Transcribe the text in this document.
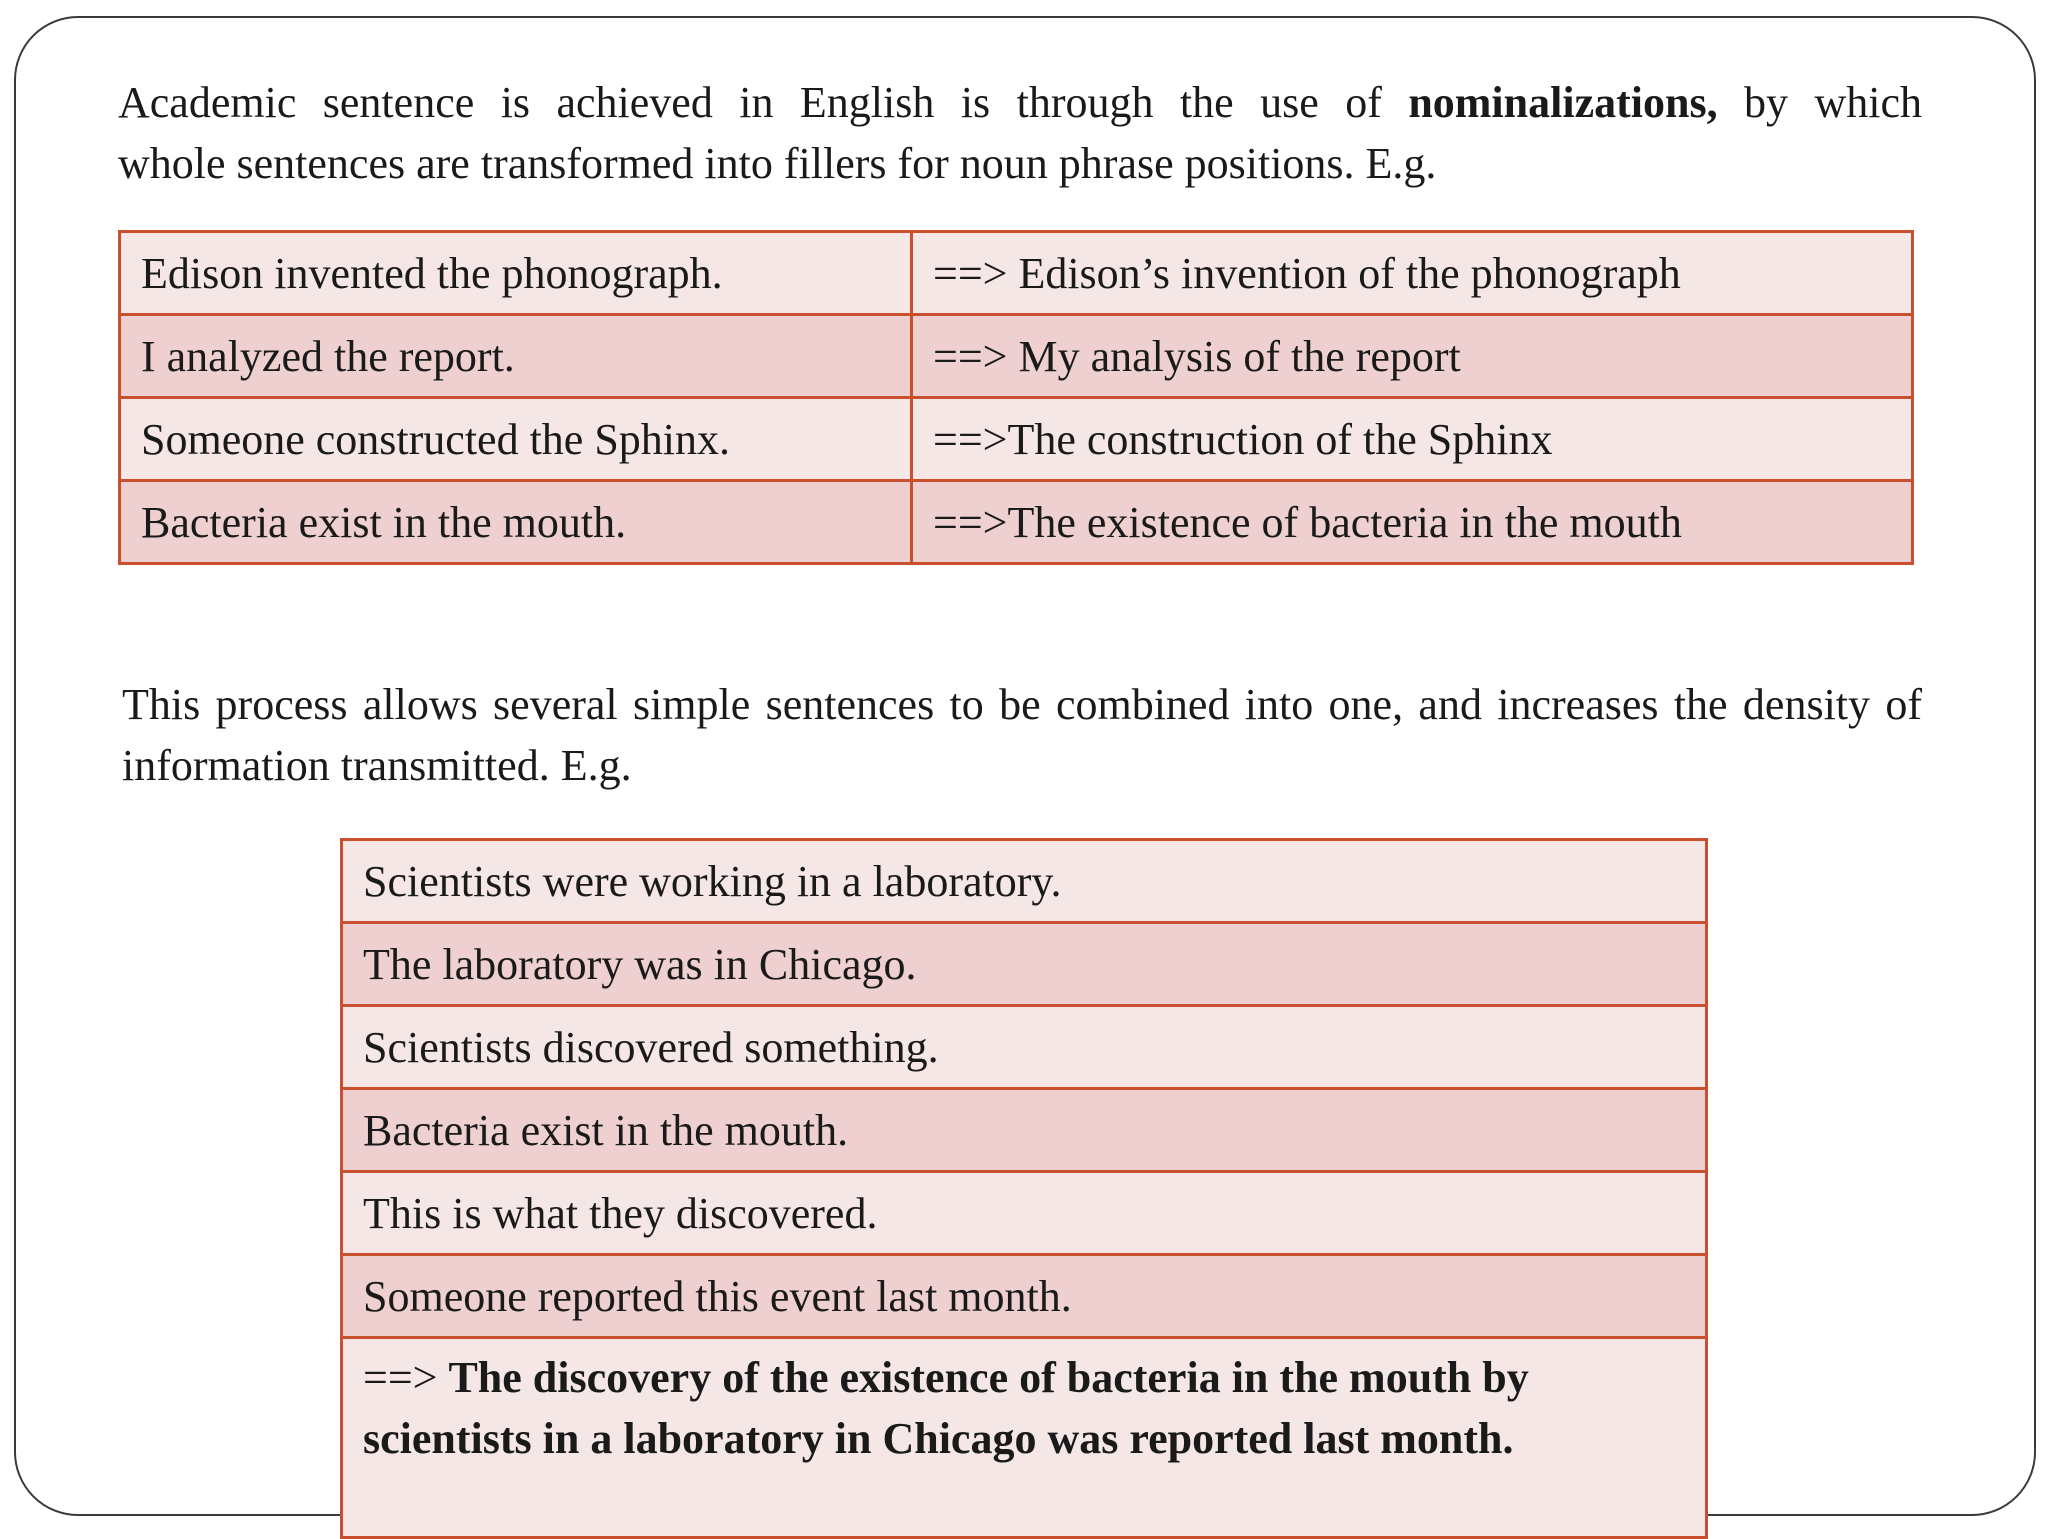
Academic sentence is achieved in English is through the use of nominalizations, by which
whole sentences are transformed into fillers for noun phrase positions. E.g.

Edison invented the phonograph.	==> Edison’s invention of the phonograph
I analyzed the report.	==> My analysis of the report
Someone constructed the Sphinx.	==>The construction of the Sphinx
Bacteria exist in the mouth.	==>The existence of bacteria in the mouth

This process allows several simple sentences to be combined into one, and increases the density of information transmitted. E.g.

Scientists were working in a laboratory.
The laboratory was in Chicago.
Scientists discovered something.
Bacteria exist in the mouth.
This is what they discovered.
Someone reported this event last month.
==> The discovery of the existence of bacteria in the mouth by scientists in a laboratory in Chicago was reported last month.
